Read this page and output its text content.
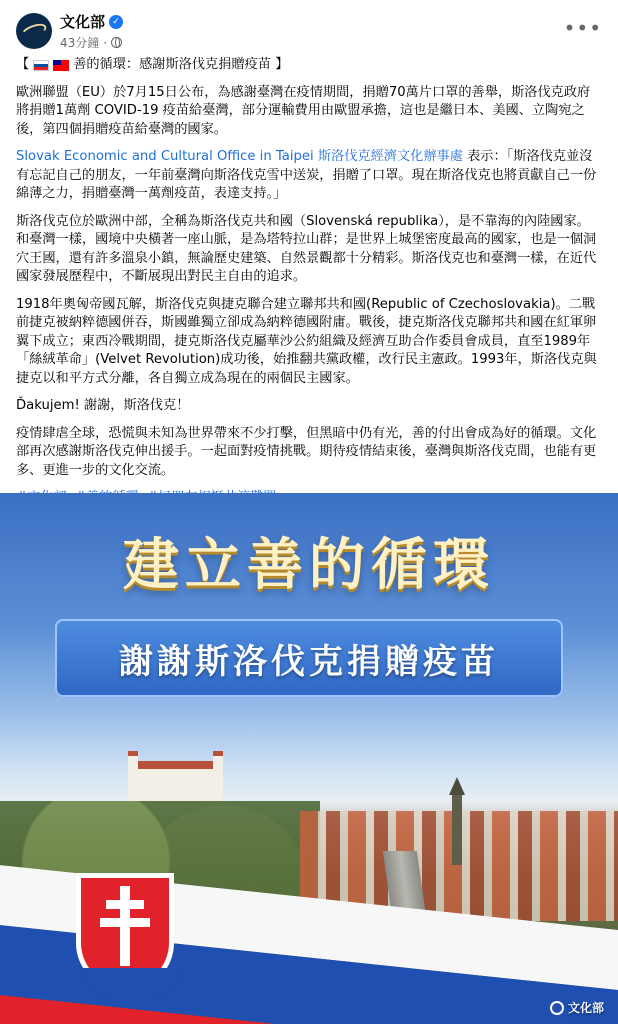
文化部 ✓
43分鐘 ·
•••

【	善的循環：感謝斯洛伐克捐贈疫苗 】

歐洲聯盟（EU）於7月15日公布，為感謝臺灣在疫情期間，捐贈70萬片口罩的善舉，斯洛伐克政府將捐贈1萬劑 COVID-19 疫苗給臺灣，部分運輸費用由歐盟承擔，這也是繼日本、美國、立陶宛之後，第四個捐贈疫苗給臺灣的國家。

Slovak Economic and Cultural Office in Taipei 斯洛伐克經濟文化辦事處 表示：「斯洛伐克並沒有忘記自己的朋友，一年前臺灣向斯洛伐克雪中送炭，捐贈了口罩。現在斯洛伐克也將貢獻自己一份綿薄之力，捐贈臺灣一萬劑疫苗，表達支持。」

斯洛伐克位於歐洲中部，全稱為斯洛伐克共和國（Slovenská republika），是不靠海的內陸國家。和臺灣一樣，國境中央橫著一座山脈，是為塔特拉山群；是世界上城堡密度最高的國家，也是一個洞穴王國，還有許多溫泉小鎮，無論歷史建築、自然景觀都十分精彩。斯洛伐克也和臺灣一樣，在近代國家發展歷程中，不斷展現出對民主自由的追求。

1918年奧匈帝國瓦解，斯洛伐克與捷克聯合建立聯邦共和國(Republic of Czechoslovakia)。二戰前捷克被納粹德國併吞，斯國雖獨立卻成為納粹德國附庸。戰後，捷克斯洛伐克聯邦共和國在紅軍卵翼下成立；東西冷戰期間，捷克斯洛伐克屬華沙公約組織及經濟互助合作委員會成員，直至1989年「絲絨革命」(Velvet Revolution)成功後，始推翻共黨政權，改行民主憲政。1993年，斯洛伐克與捷克以和平方式分離，各自獨立成為現在的兩個民主國家。

Ďakujem! 謝謝，斯洛伐克！

疫情肆虐全球，恐慌與未知為世界帶來不少打擊，但黑暗中仍有光，善的付出會成為好的循環。文化部再次感謝斯洛伐克伸出援手。一起面對疫情挑戰。期待疫情結束後，臺灣與斯洛伐克間，也能有更多、更進一步的文化交流。

建立善的循環
謝謝斯洛伐克捐贈疫苗
文化部
